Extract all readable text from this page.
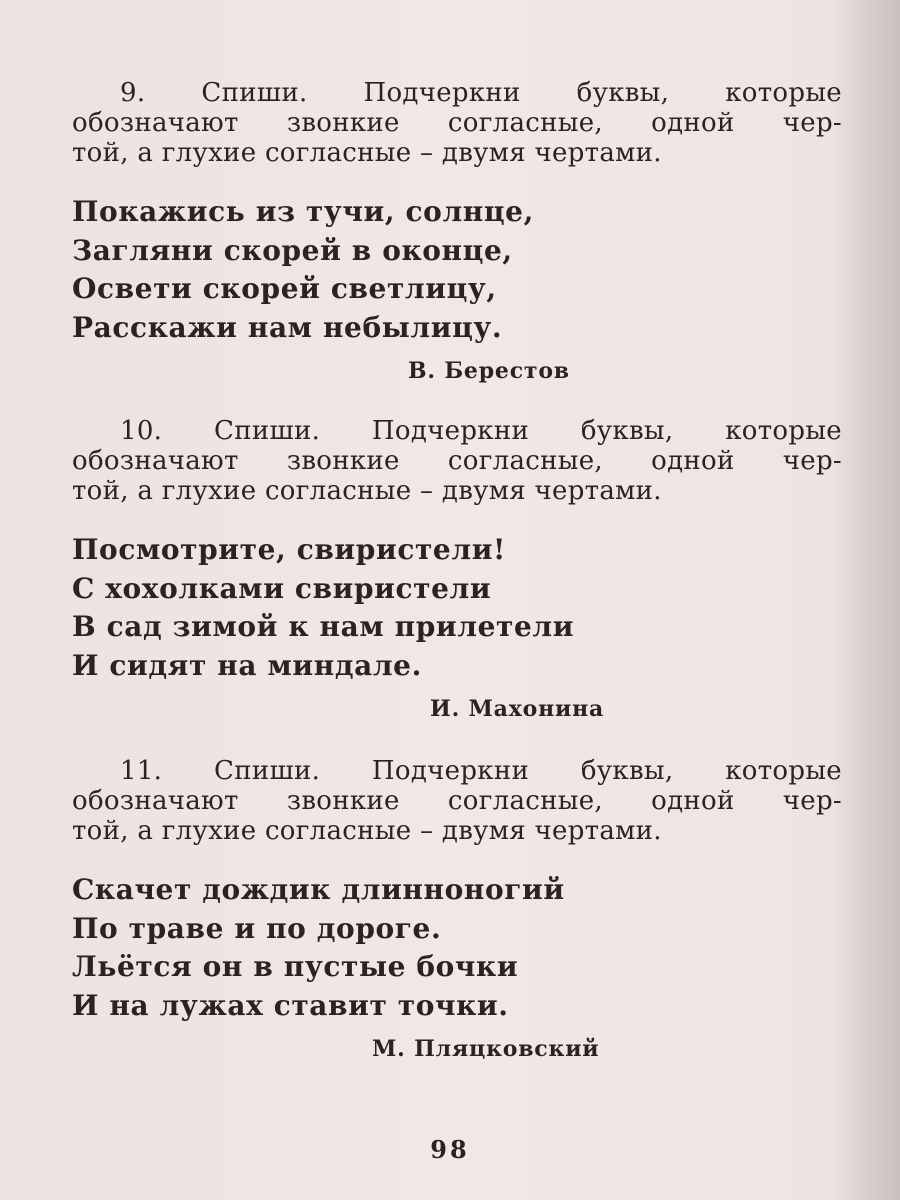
9. Спиши. Подчеркни буквы, которые
обозначают звонкие согласные, одной чер-
той, а глухие согласные – двумя чертами.
Покажись из тучи, солнце,
Загляни скорей в оконце,
Освети скорей светлицу,
Расскажи нам небылицу.
В. Берестов
10. Спиши. Подчеркни буквы, которые
обозначают звонкие согласные, одной чер-
той, а глухие согласные – двумя чертами.
Посмотрите, свиристели!
С хохолками свиристели
В сад зимой к нам прилетели
И сидят на миндале.
И. Махонина
11. Спиши. Подчеркни буквы, которые
обозначают звонкие согласные, одной чер-
той, а глухие согласные – двумя чертами.
Скачет дождик длинноногий
По траве и по дороге.
Льётся он в пустые бочки
И на лужах ставит точки.
М. Пляцковский
98
